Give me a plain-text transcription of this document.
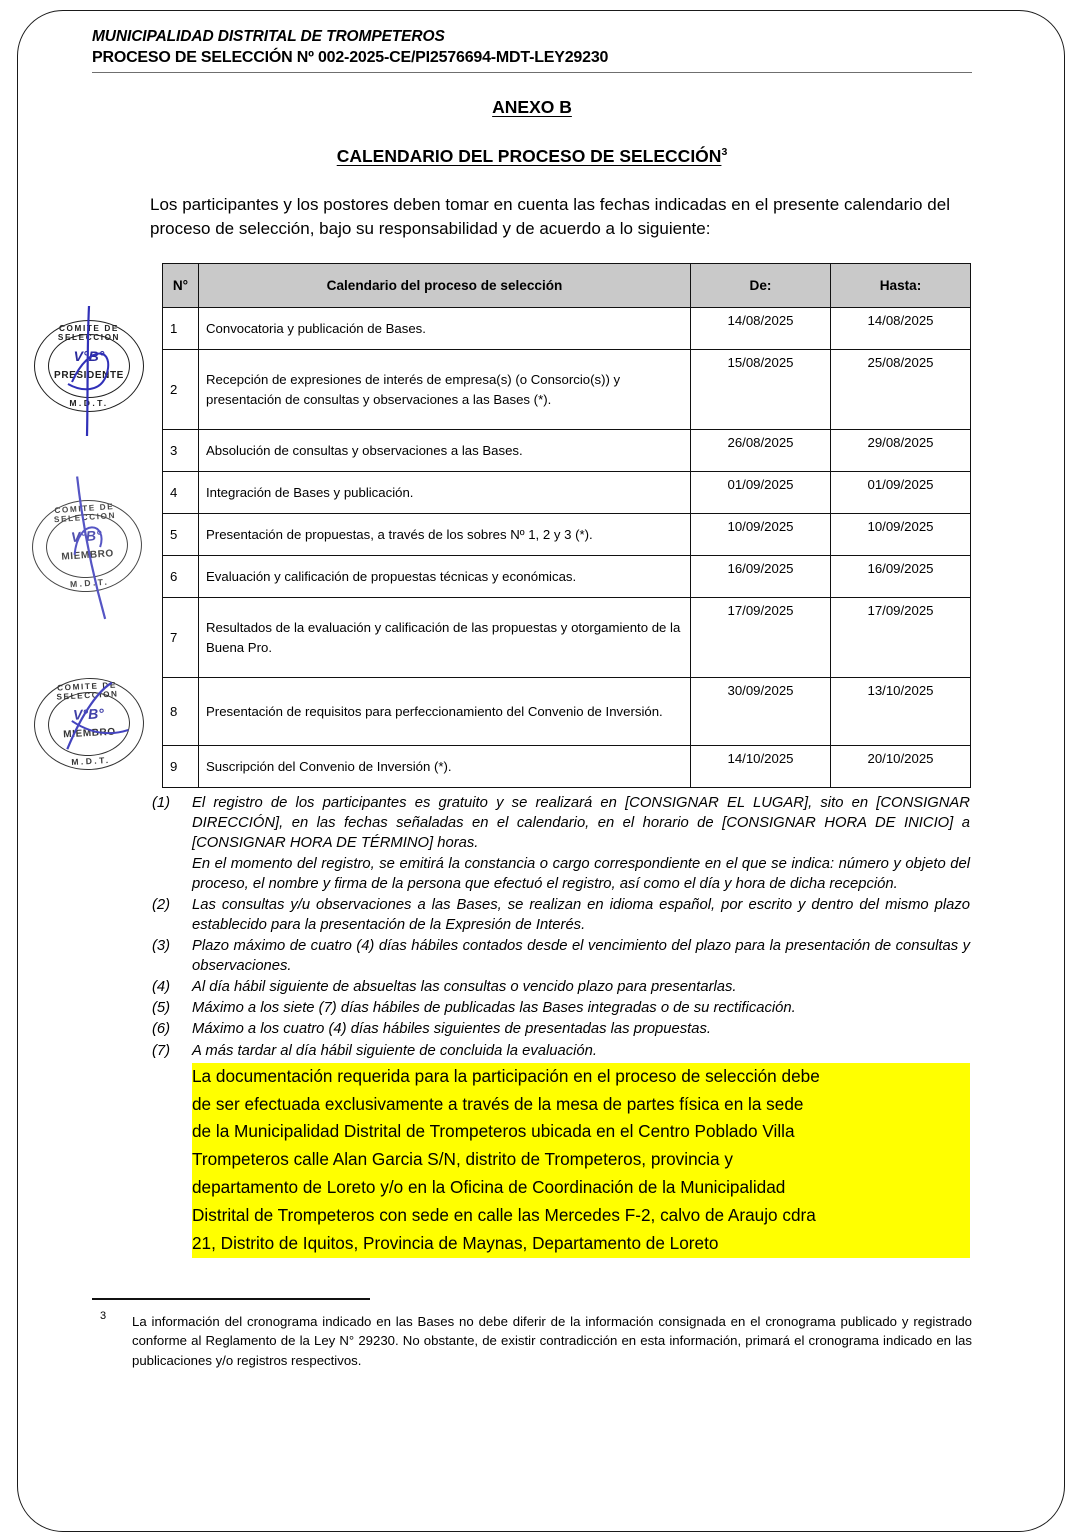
COMITE DE SELECCION
V°B°
PRESIDENTE
M.D.T.
COMITE DE SELECCION
V°B°
MIEMBRO
M.D.T.
COMITE DE SELECCION
V°B°
MIEMBRO
M.D.T.
MUNICIPALIDAD DISTRITAL DE TROMPETEROS
PROCESO DE SELECCIÓN Nº 002-2025-CE/PI2576694-MDT-LEY29230
ANEXO B
CALENDARIO DEL PROCESO DE SELECCIÓN$^3$

Los participantes y los postores deben tomar en cuenta las fechas indicadas en el presente calendario del proceso de selección, bajo su responsabilidad y de acuerdo a lo siguiente:

N°	Calendario del proceso de selección	De:	Hasta:
1	Convocatoria y publicación de Bases.	14/08/2025	14/08/2025
2	Recepción de expresiones de interés de empresa(s) (o Consorcio(s)) y presentación de consultas y observaciones a las Bases (*).	15/08/2025	25/08/2025
3	Absolución de consultas y observaciones a las Bases.	26/08/2025	29/08/2025
4	Integración de Bases y publicación.	01/09/2025	01/09/2025
5	Presentación de propuestas, a través de los sobres Nº 1, 2 y 3 (*).	10/09/2025	10/09/2025
6	Evaluación y calificación de propuestas técnicas y económicas.	16/09/2025	16/09/2025
7	Resultados de la evaluación y calificación de las propuestas y otorgamiento de la Buena Pro.	17/09/2025	17/09/2025
8	Presentación de requisitos para perfeccionamiento del Convenio de Inversión.	30/09/2025	13/10/2025
9	Suscripción del Convenio de Inversión (*).	14/10/2025	20/10/2025
(1)	El registro de los participantes es gratuito y se realizará en [CONSIGNAR EL LUGAR], sito en [CONSIGNAR DIRECCIÓN], en las fechas señaladas en el calendario, en el horario de [CONSIGNAR HORA DE INICIO] a [CONSIGNAR HORA DE TÉRMINO] horas.

En el momento del registro, se emitirá la constancia o cargo correspondiente en el que se indica: número y objeto del proceso, el nombre y firma de la persona que efectuó el registro, así como el día y hora de dicha recepción.

(2)	Las consultas y/u observaciones a las Bases, se realizan en idioma español, por escrito y dentro del mismo plazo establecido para la presentación de la Expresión de Interés.

(3)	Plazo máximo de cuatro (4) días hábiles contados desde el vencimiento del plazo para la presentación de consultas y observaciones.

(4)	Al día hábil siguiente de absueltas las consultas o vencido plazo para presentarlas.

(5)	Máximo a los siete (7) días hábiles de publicadas las Bases integradas o de su rectificación.

(6)	Máximo a los cuatro (4) días hábiles siguientes de presentadas las propuestas.

(7)	A más tardar al día hábil siguiente de concluida la evaluación.

La documentación requerida para la participación en el proceso de selección debe
de ser efectuada exclusivamente a través de la mesa de partes física en la sede
de la Municipalidad Distrital de Trompeteros ubicada en el Centro Poblado Villa
Trompeteros calle Alan Garcia S/N, distrito de Trompeteros, provincia y
departamento de Loreto y/o en la Oficina de Coordinación de la Municipalidad
Distrital de Trompeteros con sede en calle las Mercedes F-2, calvo de Araujo cdra
21, Distrito de Iquitos, Provincia de Maynas, Departamento de Loreto
3 La información del cronograma indicado en las Bases no debe diferir de la información consignada en el cronograma publicado y registrado conforme al Reglamento de la Ley N° 29230. No obstante, de existir contradicción en esta información, primará el cronograma indicado en las publicaciones y/o registros respectivos.
